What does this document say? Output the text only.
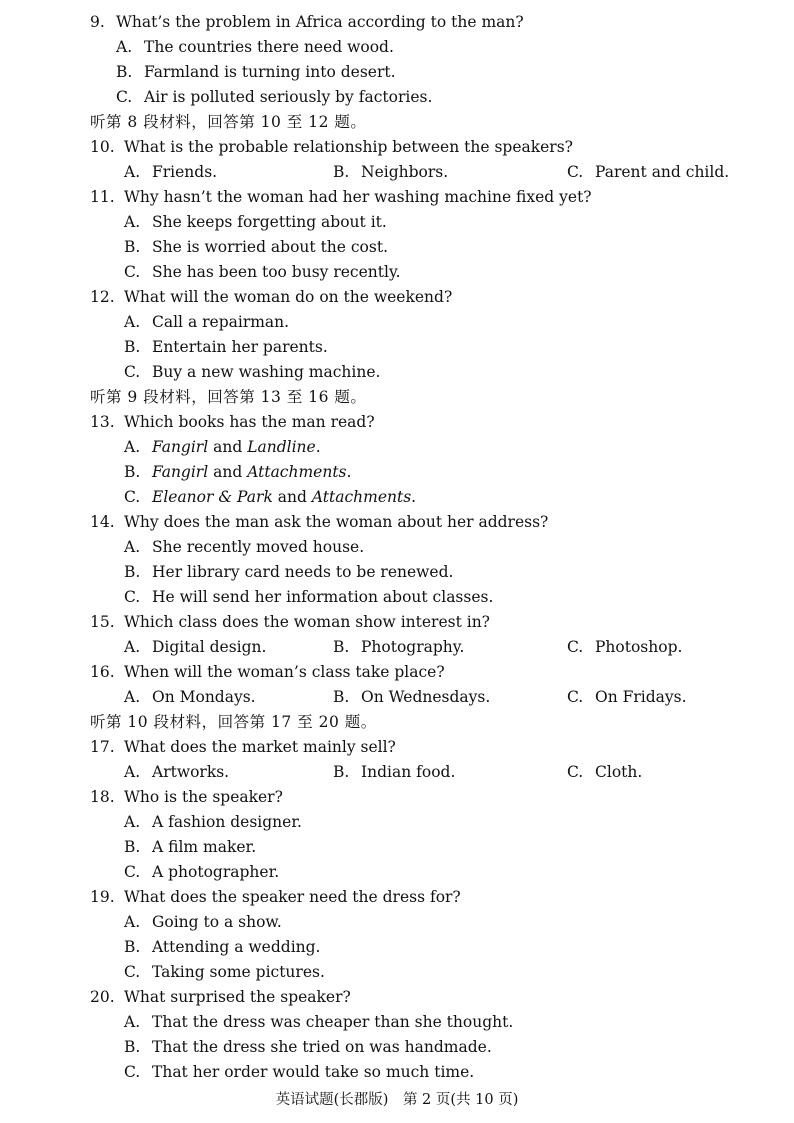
9. What’s the problem in Africa according to the man?
A. The countries there need wood.
B. Farmland is turning into desert.
C. Air is polluted seriously by factories.
听第 8 段材料，回答第 10 至 12 题。
10. What is the probable relationship between the speakers?
A. Friends.	B. Neighbors.	C. Parent and child.
11. Why hasn’t the woman had her washing machine fixed yet?
A. She keeps forgetting about it.
B. She is worried about the cost.
C. She has been too busy recently.
12. What will the woman do on the weekend?
A. Call a repairman.
B. Entertain her parents.
C. Buy a new washing machine.
听第 9 段材料，回答第 13 至 16 题。
13. Which books has the man read?
A. Fangirl and Landline.
B. Fangirl and Attachments.
C. Eleanor & Park and Attachments.
14. Why does the man ask the woman about her address?
A. She recently moved house.
B. Her library card needs to be renewed.
C. He will send her information about classes.
15. Which class does the woman show interest in?
A. Digital design.	B. Photography.	C. Photoshop.
16. When will the woman’s class take place?
A. On Mondays.	B. On Wednesdays.	C. On Fridays.
听第 10 段材料，回答第 17 至 20 题。
17. What does the market mainly sell?
A. Artworks.	B. Indian food.	C. Cloth.
18. Who is the speaker?
A. A fashion designer.
B. A film maker.
C. A photographer.
19. What does the speaker need the dress for?
A. Going to a show.
B. Attending a wedding.
C. Taking some pictures.
20. What surprised the speaker?
A. That the dress was cheaper than she thought.
B. That the dress she tried on was handmade.
C. That her order would take so much time.
英语试题(长郡版)　第 2 页(共 10 页)
